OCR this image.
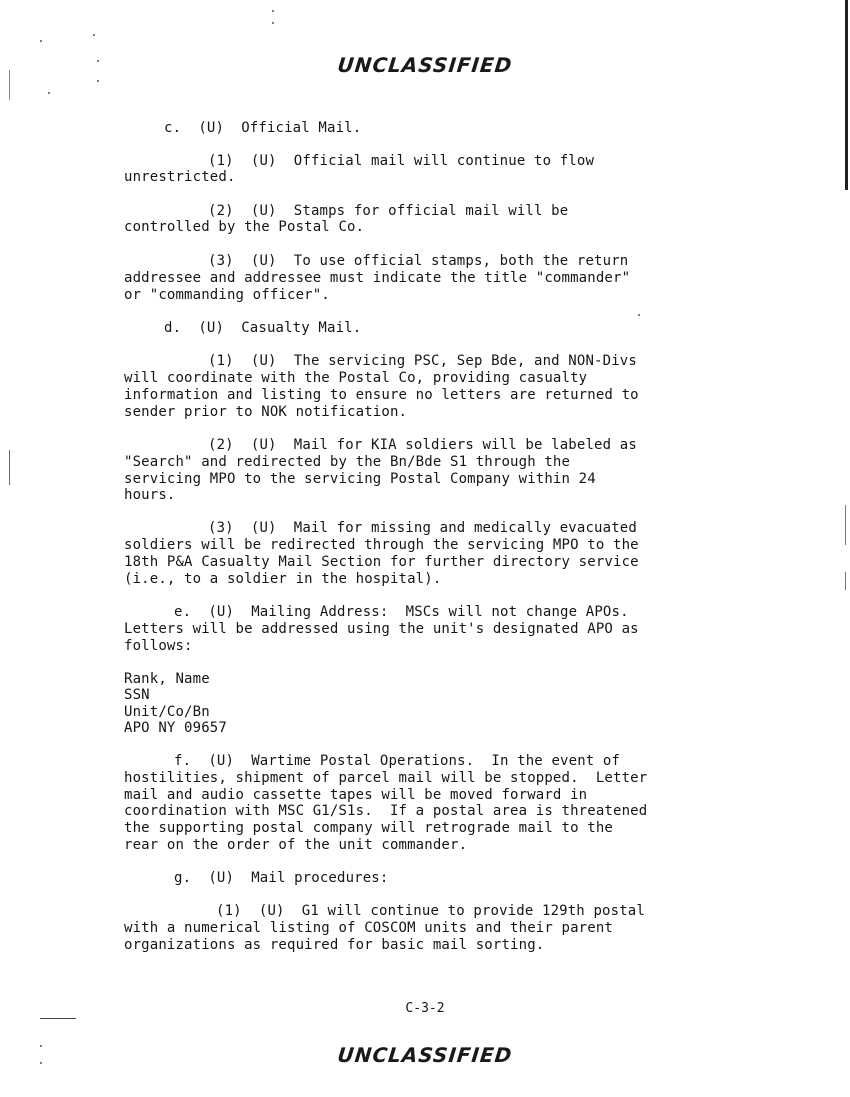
UNCLASSIFIED
c.  (U)  Official Mail.
(1)  (U)  Official mail will continue to flow
unrestricted.
(2)  (U)  Stamps for official mail will be
controlled by the Postal Co.
(3)  (U)  To use official stamps, both the return
addressee and addressee must indicate the title "commander"
or "commanding officer".
d.  (U)  Casualty Mail.
(1)  (U)  The servicing PSC, Sep Bde, and NON-Divs
will coordinate with the Postal Co, providing casualty
information and listing to ensure no letters are returned to
sender prior to NOK notification.
(2)  (U)  Mail for KIA soldiers will be labeled as
"Search" and redirected by the Bn/Bde S1 through the
servicing MPO to the servicing Postal Company within 24
hours.
(3)  (U)  Mail for missing and medically evacuated
soldiers will be redirected through the servicing MPO to the
18th P&A Casualty Mail Section for further directory service
(i.e., to a soldier in the hospital).
e.  (U)  Mailing Address:  MSCs will not change APOs.
Letters will be addressed using the unit's designated APO as
follows:
Rank, Name
SSN
Unit/Co/Bn
APO NY 09657
f.  (U)  Wartime Postal Operations.  In the event of
hostilities, shipment of parcel mail will be stopped.  Letter
mail and audio cassette tapes will be moved forward in
coordination with MSC G1/S1s.  If a postal area is threatened
the supporting postal company will retrograde mail to the
rear on the order of the unit commander.
g.  (U)  Mail procedures:
(1)  (U)  G1 will continue to provide 129th postal
with a numerical listing of COSCOM units and their parent
organizations as required for basic mail sorting.
C-3-2
UNCLASSIFIED
